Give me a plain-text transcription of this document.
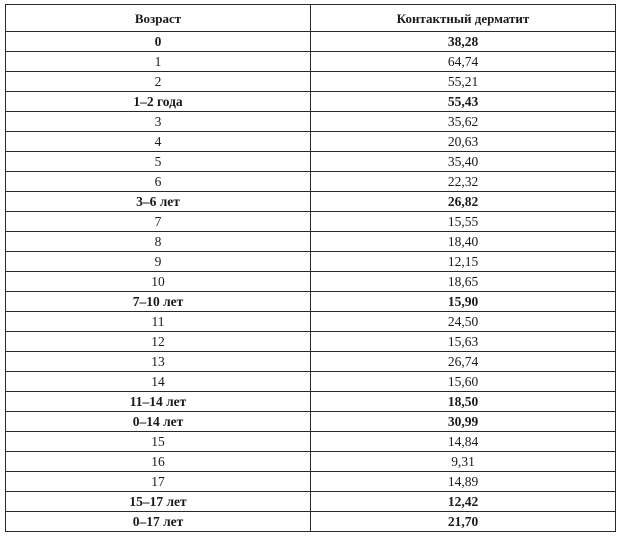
Возраст	Контактный дерматит
0	38,28
1	64,74
2	55,21
1–2 года	55,43
3	35,62
4	20,63
5	35,40
6	22,32
3–6 лет	26,82
7	15,55
8	18,40
9	12,15
10	18,65
7–10 лет	15,90
11	24,50
12	15,63
13	26,74
14	15,60
11–14 лет	18,50
0–14 лет	30,99
15	14,84
16	9,31
17	14,89
15–17 лет	12,42
0–17 лет	21,70
